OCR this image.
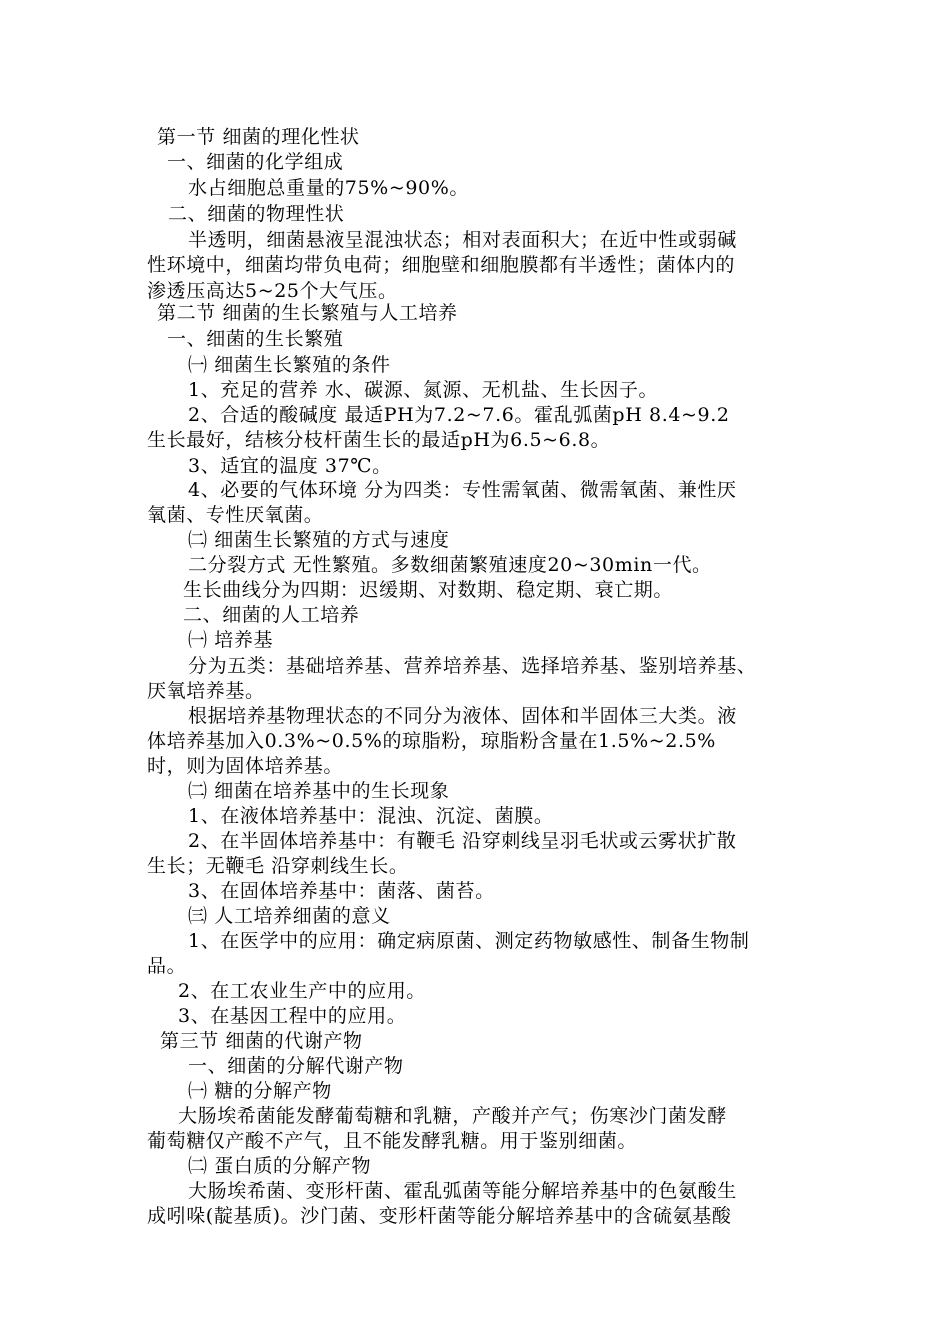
第一节 细菌的理化性状
一、细菌的化学组成
水占细胞总重量的75%~90%。
二、细菌的物理性状
半透明，细菌悬液呈混浊状态；相对表面积大；在近中性或弱碱
性环境中，细菌均带负电荷；细胞壁和细胞膜都有半透性；菌体内的
渗透压高达5~25个大气压。
第二节 细菌的生长繁殖与人工培养
一、细菌的生长繁殖
㈠ 细菌生长繁殖的条件
1、充足的营养 水、碳源、氮源、无机盐、生长因子。
2、合适的酸碱度 最适PH为7.2~7.6。霍乱弧菌pH 8.4~9.2
生长最好，结核分枝杆菌生长的最适pH为6.5~6.8。
3、适宜的温度 37℃。
4、必要的气体环境 分为四类：专性需氧菌、微需氧菌、兼性厌
氧菌、专性厌氧菌。
㈡ 细菌生长繁殖的方式与速度
二分裂方式 无性繁殖。多数细菌繁殖速度20~30min一代。
生长曲线分为四期：迟缓期、对数期、稳定期、衰亡期。
二、细菌的人工培养
㈠ 培养基
分为五类：基础培养基、营养培养基、选择培养基、鉴别培养基、
厌氧培养基。
根据培养基物理状态的不同分为液体、固体和半固体三大类。液
体培养基加入0.3%~0.5%的琼脂粉，琼脂粉含量在1.5%~2.5%
时，则为固体培养基。
㈡ 细菌在培养基中的生长现象
1、在液体培养基中：混浊、沉淀、菌膜。
2、在半固体培养基中：有鞭毛 沿穿刺线呈羽毛状或云雾状扩散
生长；无鞭毛 沿穿刺线生长。
3、在固体培养基中：菌落、菌苔。
㈢ 人工培养细菌的意义
1、在医学中的应用：确定病原菌、测定药物敏感性、制备生物制
品。
2、在工农业生产中的应用。
3、在基因工程中的应用。
第三节 细菌的代谢产物
一、细菌的分解代谢产物
㈠ 糖的分解产物
大肠埃希菌能发酵葡萄糖和乳糖，产酸并产气；伤寒沙门菌发酵
葡萄糖仅产酸不产气，且不能发酵乳糖。用于鉴别细菌。
㈡ 蛋白质的分解产物
大肠埃希菌、变形杆菌、霍乱弧菌等能分解培养基中的色氨酸生
成吲哚(靛基质)。沙门菌、变形杆菌等能分解培养基中的含硫氨基酸
